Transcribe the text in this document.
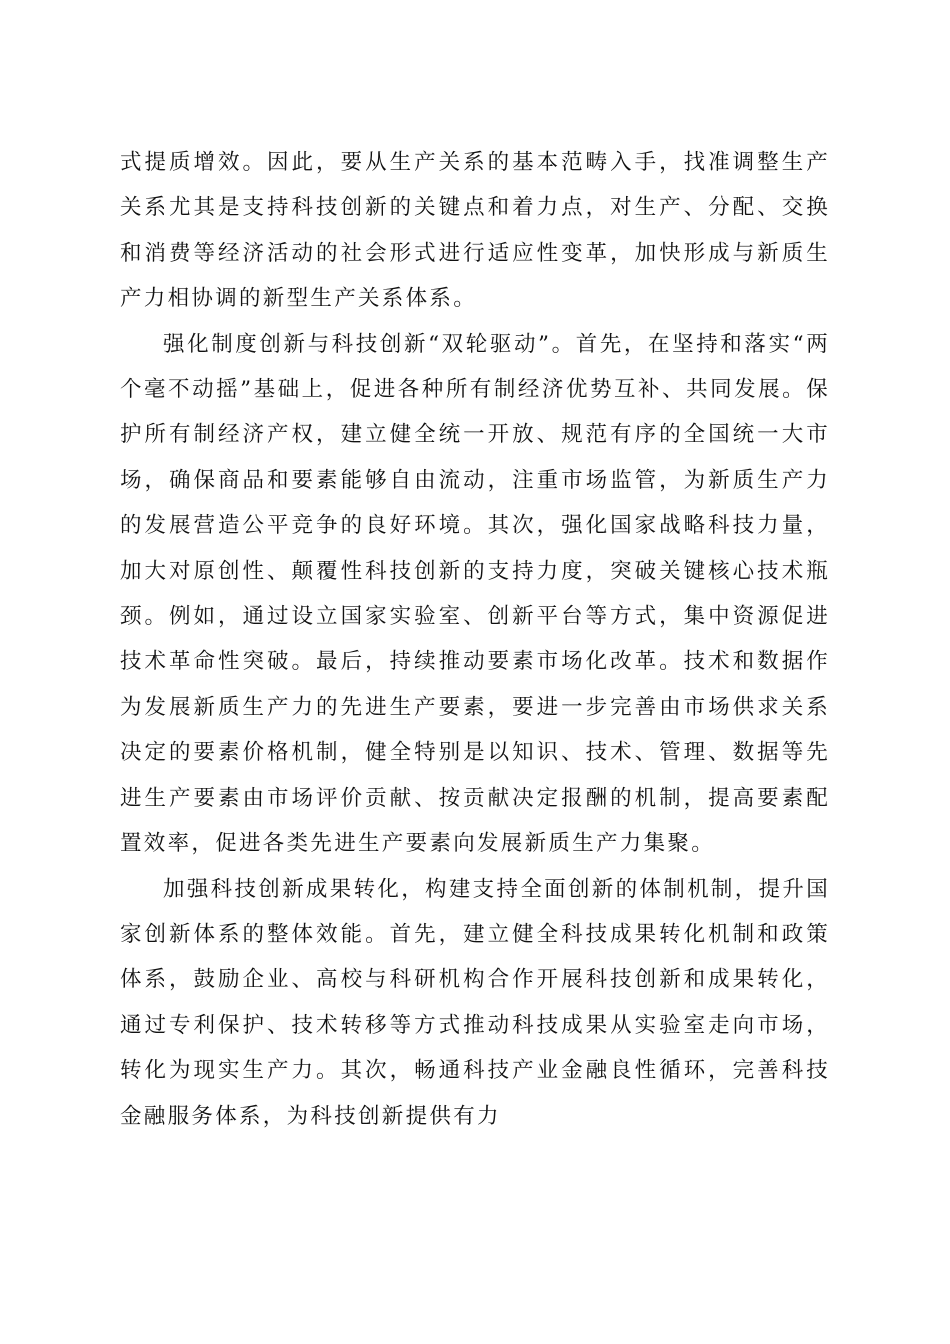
式提质增效。因此，要从生产关系的基本范畴入手，找准调整生产关系尤其是支持科技创新的关键点和着力点，对生产、分配、交换和消费等经济活动的社会形式进行适应性变革，加快形成与新质生产力相协调的新型生产关系体系。

强化制度创新与科技创新“双轮驱动”。首先，在坚持和落实“两个毫不动摇”基础上，促进各种所有制经济优势互补、共同发展。保护所有制经济产权，建立健全统一开放、规范有序的全国统一大市场，确保商品和要素能够自由流动，注重市场监管，为新质生产力的发展营造公平竞争的良好环境。其次，强化国家战略科技力量，加大对原创性、颠覆性科技创新的支持力度，突破关键核心技术瓶颈。例如，通过设立国家实验室、创新平台等方式，集中资源促进技术革命性突破。最后，持续推动要素市场化改革。技术和数据作为发展新质生产力的先进生产要素，要进一步完善由市场供求关系决定的要素价格机制，健全特别是以知识、技术、管理、数据等先进生产要素由市场评价贡献、按贡献决定报酬的机制，提高要素配置效率，促进各类先进生产要素向发展新质生产力集聚。

加强科技创新成果转化，构建支持全面创新的体制机制，提升国家创新体系的整体效能。首先，建立健全科技成果转化机制和政策体系，鼓励企业、高校与科研机构合作开展科技创新和成果转化，通过专利保护、技术转移等方式推动科技成果从实验室走向市场，转化为现实生产力。其次，畅通科技产业金融良性循环，完善科技金融服务体系，为科技创新提供有力
